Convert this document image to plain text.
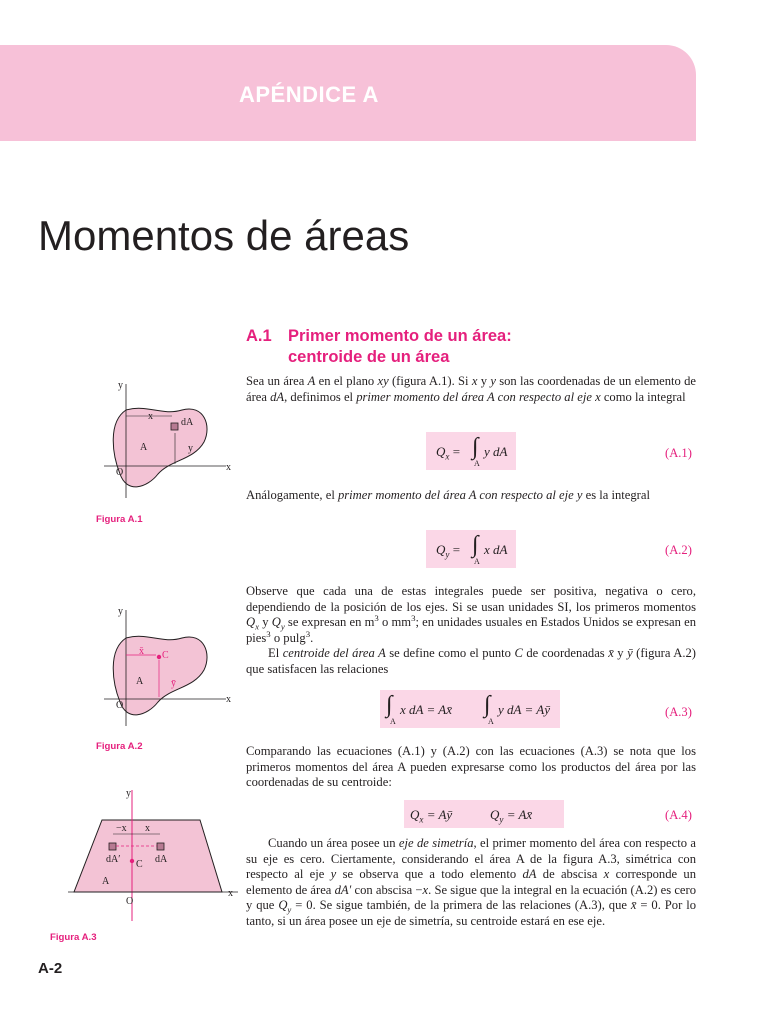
APÉNDICE A
Momentos de áreas
A.1 Primer momento de un área:
centroide de un área

Sea un área A en el plano xy (figura A.1). Si x y y son las coordenadas de un elemento de área dA, definimos el primer momento del área A con respecto al eje x como la integral

$Q_x$ = ∫
A
y dA	(A.1)

Análogamente, el primer momento del área A con respecto al eje y es la integral

$Q_y$ = ∫
A
x dA	(A.2)

Observe que cada una de estas integrales puede ser positiva, negativa o cero, dependiendo de la posición de los ejes. Si se usan unidades SI, los primeros momentos $Q_x$ y $Q_y$ se expresan en $m^3$ o $mm^3$; en unidades usuales en Estados Unidos se expresan en pies$^3$ o pulg$^3$.

El centroide del área A se define como el punto C de coordenadas x̄ y ȳ (figura A.2) que satisfacen las relaciones

∫
A
x dA = Ax̄ ∫
A
y dA = Aȳ	(A.3)

Comparando las ecuaciones (A.1) y (A.2) con las ecuaciones (A.3) se nota que los primeros momentos del área A pueden expresarse como los productos del área por las coordenadas de su centroide:

$Q_x$ = Aȳ	$Q_y$ = Ax̄	(A.4)

Cuando un área posee un eje de simetría, el primer momento del área con respecto a su eje es cero. Ciertamente, considerando el área A de la figura A.3, simétrica con respecto al eje y se observa que a todo elemento dA de abscisa x corresponde un elemento de área dA′ con abscisa −x. Se sigue que la integral en la ecuación (A.2) es cero y que $Q_y = 0$. Se sigue también, de la primera de las relaciones (A.3), que x̄ = 0. Por lo tanto, si un área posee un eje de simetría, su centroide estará en ese eje.

y
x
O
A
x
dA
y
Figura A.1
y
x
O
A
C
x̄
ȳ
Figura A.2
y
x
O
A
C
dA′	dA
−x x
Figura A.3
A-2
